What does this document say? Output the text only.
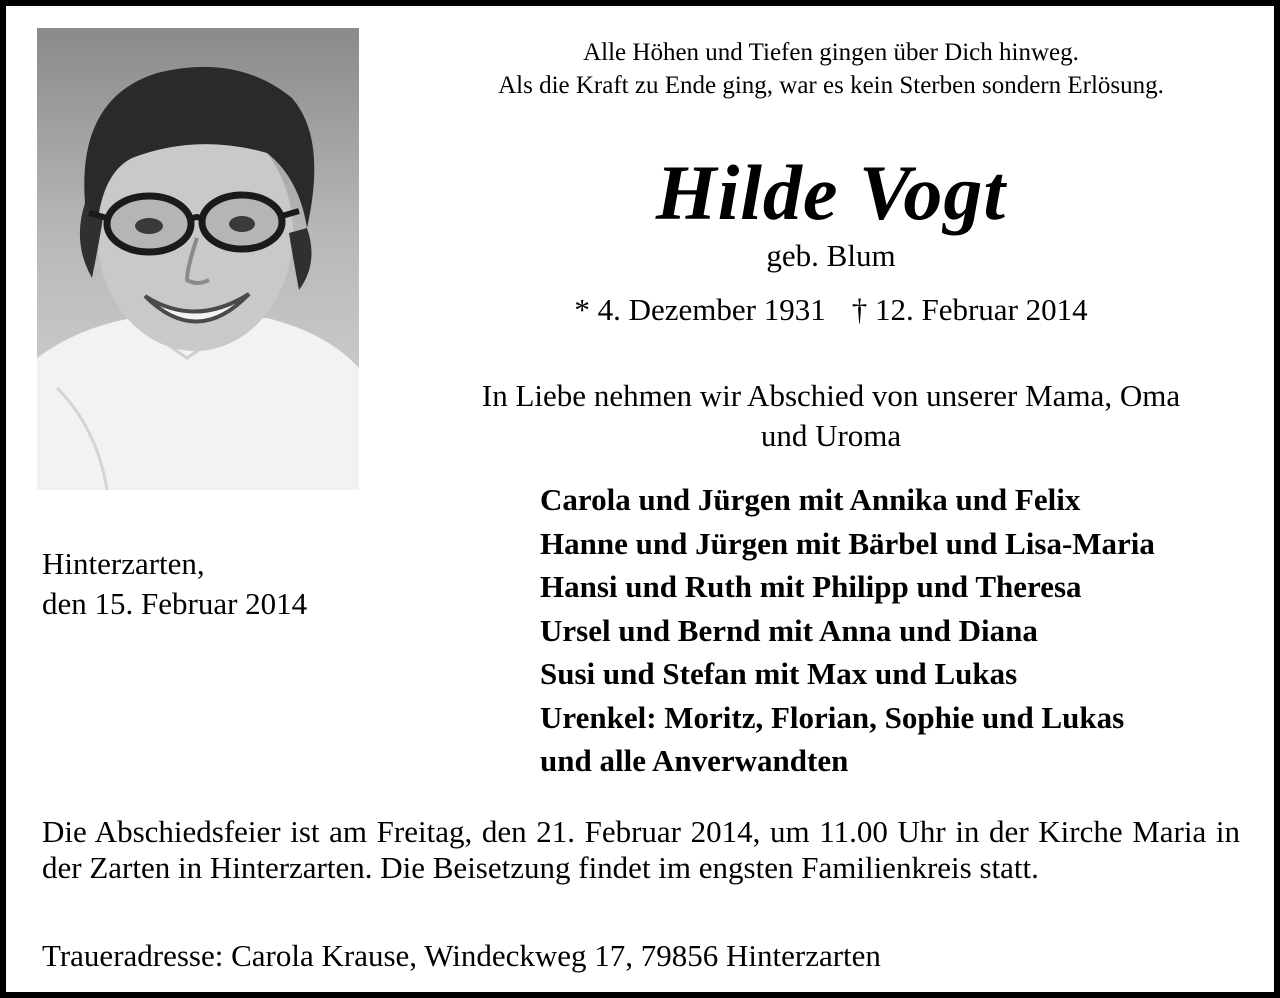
Alle Höhen und Tiefen gingen über Dich hinweg.
Als die Kraft zu Ende ging, war es kein Sterben sondern Erlösung.
Hilde Vogt
geb. Blum
* 4. Dezember 1931 † 12. Februar 2014
In Liebe nehmen wir Abschied von unserer Mama, Oma
und Uroma
Carola und Jürgen mit Annika und Felix
Hanne und Jürgen mit Bärbel und Lisa-Maria
Hansi und Ruth mit Philipp und Theresa
Ursel und Bernd mit Anna und Diana
Susi und Stefan mit Max und Lukas
Urenkel: Moritz, Florian, Sophie und Lukas
und alle Anverwandten
Hinterzarten,
den 15. Februar 2014
Die Abschiedsfeier ist am Freitag, den 21. Februar 2014, um 11.00 Uhr in der Kirche Maria in der Zarten in Hinterzarten. Die Beisetzung findet im engsten Familienkreis statt.
Traueradresse: Carola Krause, Windeckweg 17, 79856 Hinterzarten
